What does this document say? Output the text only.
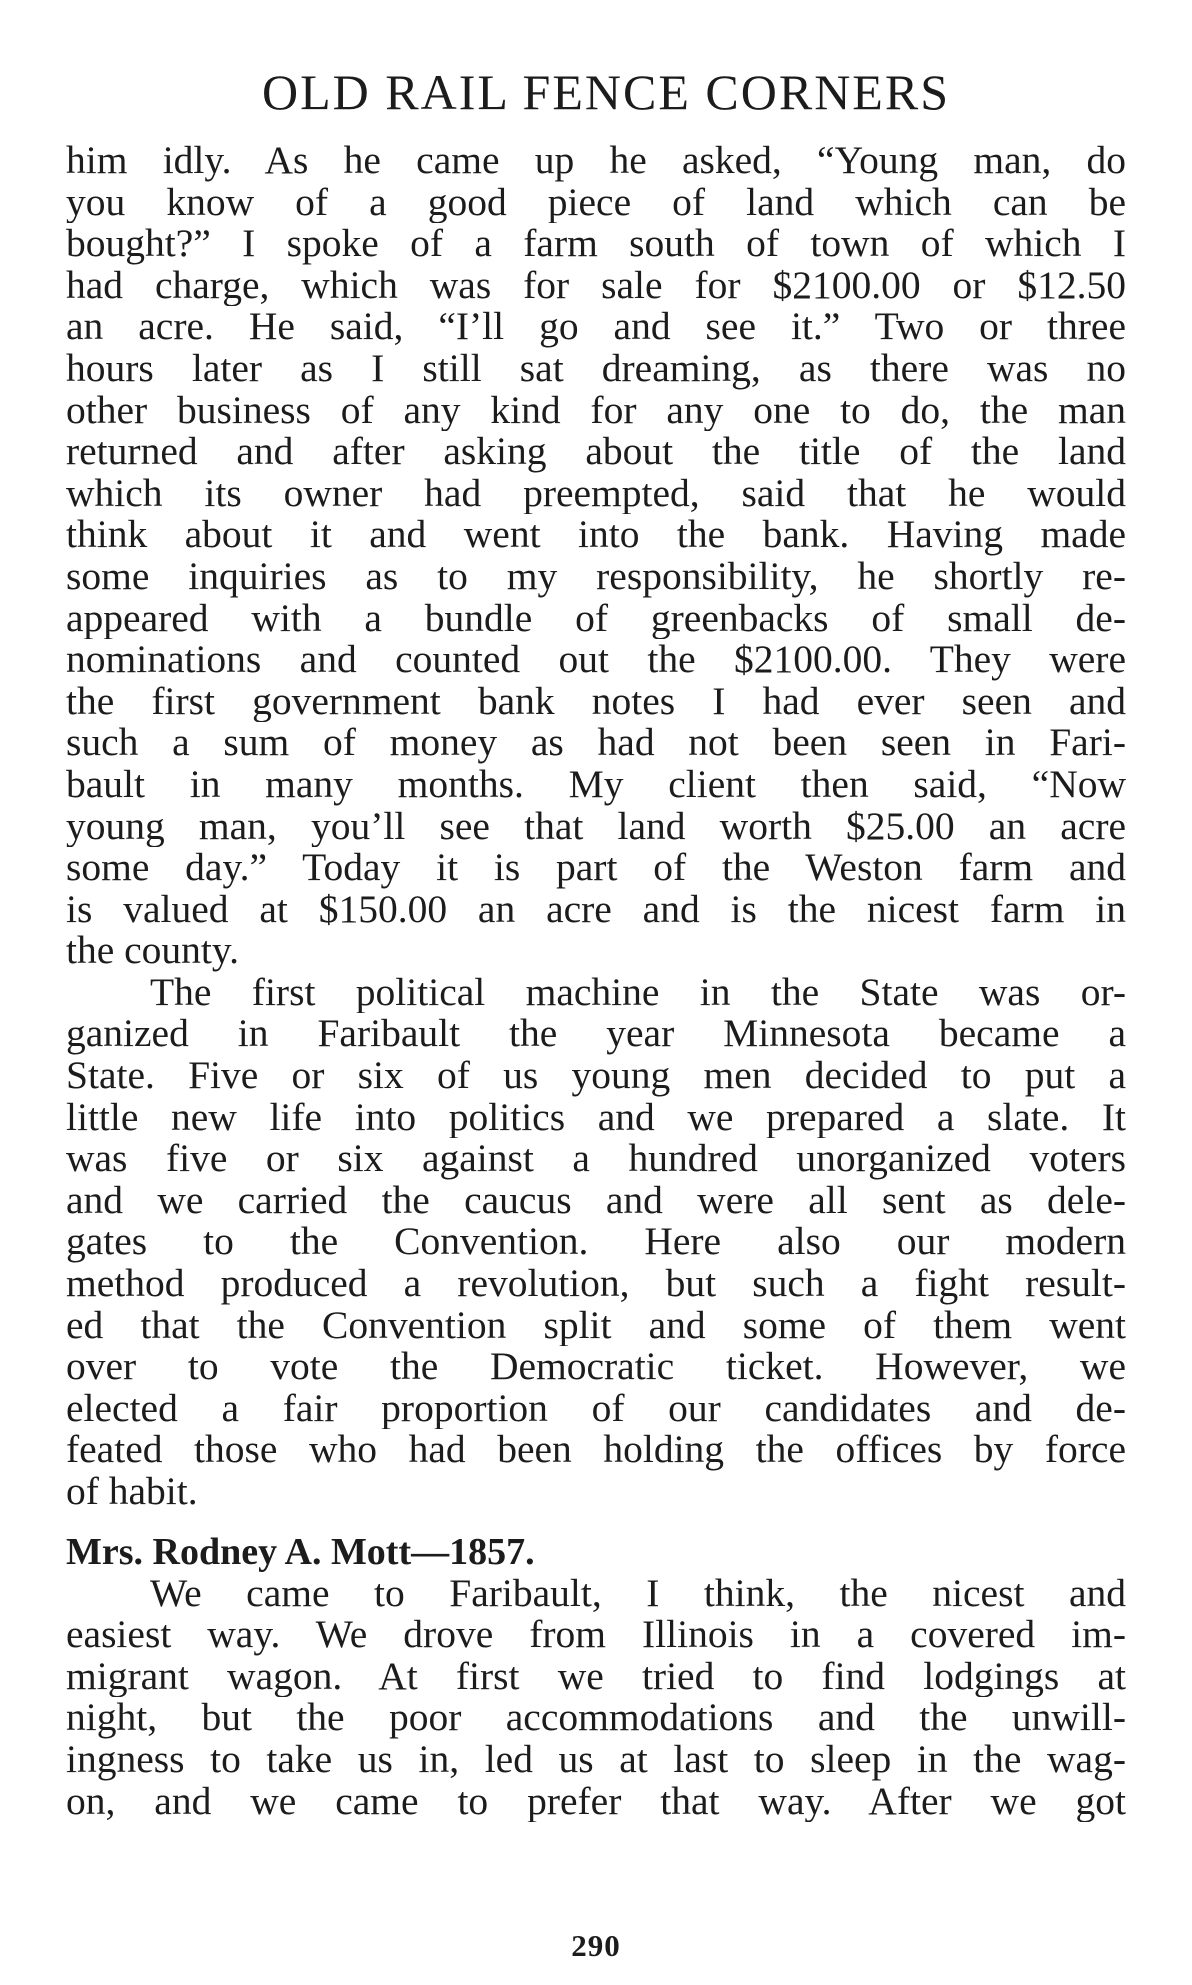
OLD RAIL FENCE CORNERS
him idly. As he came up he asked, “Young man, do
you know of a good piece of land which can be
bought?” I spoke of a farm south of town of which I
had charge, which was for sale for $2100.00 or $12.50
an acre. He said, “I’ll go and see it.” Two or three
hours later as I still sat dreaming, as there was no
other business of any kind for any one to do, the man
returned and after asking about the title of the land
which its owner had preempted, said that he would
think about it and went into the bank. Having made
some inquiries as to my responsibility, he shortly re-
appeared with a bundle of greenbacks of small de-
nominations and counted out the $2100.00. They were
the first government bank notes I had ever seen and
such a sum of money as had not been seen in Fari-
bault in many months. My client then said, “Now
young man, you’ll see that land worth $25.00 an acre
some day.” Today it is part of the Weston farm and
is valued at $150.00 an acre and is the nicest farm in
the county.
The first political machine in the State was or-
ganized in Faribault the year Minnesota became a
State. Five or six of us young men decided to put a
little new life into politics and we prepared a slate. It
was five or six against a hundred unorganized voters
and we carried the caucus and were all sent as dele-
gates to the Convention. Here also our modern
method produced a revolution, but such a fight result-
ed that the Convention split and some of them went
over to vote the Democratic ticket. However, we
elected a fair proportion of our candidates and de-
feated those who had been holding the offices by force
of habit.
Mrs. Rodney A. Mott—1857.
We came to Faribault, I think, the nicest and
easiest way. We drove from Illinois in a covered im-
migrant wagon. At first we tried to find lodgings at
night, but the poor accommodations and the unwill-
ingness to take us in, led us at last to sleep in the wag-
on, and we came to prefer that way. After we got
290
